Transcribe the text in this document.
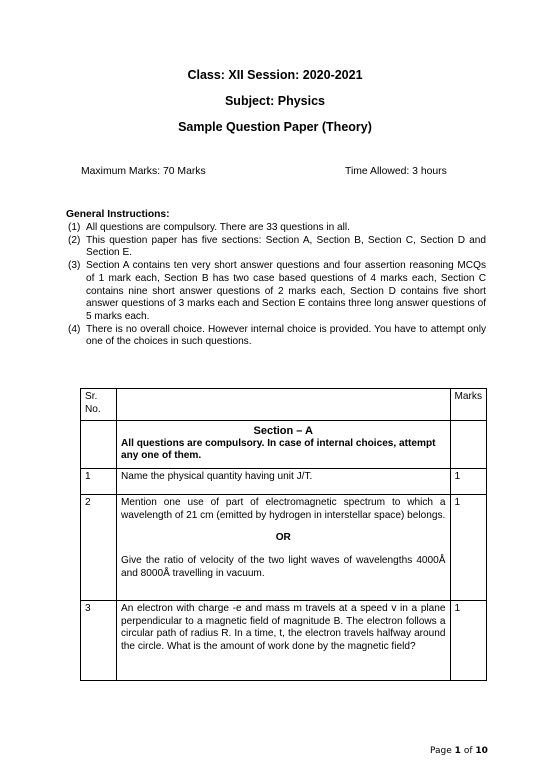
Class: XII Session: 2020-2021
Subject: Physics
Sample Question Paper (Theory)
Maximum Marks: 70 Marks	Time Allowed: 3 hours
General Instructions:
(1) All questions are compulsory. There are 33 questions in all.
(2) This question paper has five sections: Section A, Section B, Section C, Section D and Section E.
(3) Section A contains ten very short answer questions and four assertion reasoning MCQs of 1 mark each, Section B has two case based questions of 4 marks each, Section C contains nine short answer questions of 2 marks each, Section D contains five short answer questions of 3 marks each and Section E contains three long answer questions of 5 marks each.
(4) There is no overall choice. However internal choice is provided. You have to attempt only one of the choices in such questions.
Sr. No.		Marks

	Section – A
All questions are compulsory. In case of internal choices, attempt any one of them.	

1	Name the physical quantity having unit J/T.	1
2	Mention one use of part of electromagnetic spectrum to which a wavelength of 21 cm (emitted by hydrogen in interstellar space) belongs.
OR
Give the ratio of velocity of the two light waves of wavelengths 4000Å and 8000Å travelling in vacuum.	1
3	An electron with charge -e and mass m travels at a speed v in a plane perpendicular to a magnetic field of magnitude B. The electron follows a circular path of radius R. In a time, t, the electron travels halfway around the circle. What is the amount of work done by the magnetic field?	1
Page 1 of 10
